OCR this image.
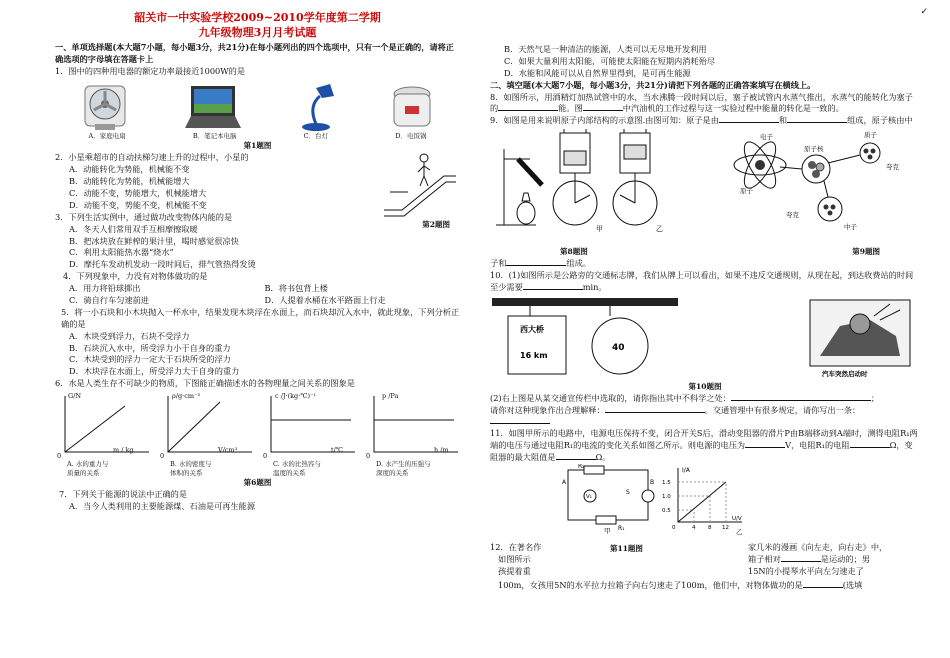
✓
韶关市一中实验学校2009~2010学年度第二学期
九年级物理3月月考试题
一、单项选择题(本大题7小题，每小题3分，共21分)在每小题列出的四个选项中，只有一个是正确的，请将正确选项的字母填在答题卡上
1．图中的四种用电器的额定功率最接近1000W的是
A．家庭电扇	B．笔记本电脑	C．台灯	D．电饭锅
第1题图
2．小星乘超市的自动扶梯匀速上升的过程中，小星的
A．动能转化为势能，机械能不变
B．动能转化为势能，机械能增大
C．动能不变，势能增大，机械能增大
D．动能不变，势能不变，机械能不变
第2题图
3．下列生活实例中，通过做功改变物体内能的是
A．冬天人们常用双手互相摩擦取暖
B．把冰块放在鲜榨的果汁里，喝时感觉很凉快
C．利用太阳能热水器“烧水”
D．摩托车发动机发动一段时间后，排气管热得发烫
4．下列现象中，力没有对物体做功的是
A．用力将铅球掷出	B．将书包背上楼
C．骑自行车匀速前进	D．人提着水桶在水平路面上行走
5．将一小石块和小木块抛入一杯水中，结果发现木块浮在水面上，而石块却沉入水中，就此现象，下列分析正确的是
A．木块受到浮力，石块不受浮力
B．石块沉入水中，所受浮力小于自身的重力
C．木块受到的浮力一定大于石块所受的浮力
D．木块浮在水面上，所受浮力大于自身的重力
6．水是人类生存不可缺少的物质，下图能正确描述水的各物理量之间关系的图象是
G/N
m / kg
0
A. 水的重力与
质量的关系
ρ/g·cm⁻³
V/cm³
0
B. 水的密度与
体积的关系
c /J·(kg·℃)⁻¹
t/℃
0
C. 水的比热容与
温度的关系
p /Pa
h /m
0
D. 水产生的压强与
深度的关系
第6题图
7．下列关于能源的说法中正确的是
A．当今人类利用的主要能源煤、石油是可再生能源
B．天然气是一种清洁的能源，人类可以无尽地开发利用
C．如果大量利用太阳能，可能使太阳能在短期内消耗殆尽
D．水能和风能可以从自然界里得到，是可再生能源
二、填空题(本大题7小题，每小题3分，共21分)请把下列各题的正确答案填写在横线上。
8．如图所示，用酒精灯加热试管中的水，当水沸腾一段时间以后，塞子被试管内水蒸气推出，水蒸气的能转化为塞子的	能。图	中汽油机的工作过程与这一实验过程中能量的转化是一致的。
9．如图是用来说明原子内部结构的示意图.由图可知：原子是由	和	组成，原子核由中
甲	乙
电子
原子核
夸克
质子
原子
夸克
中子
第8题图	第9题图
子和	组成。
10．(1)如图所示是公路旁的交通标志牌，我们从牌上可以看出，如果不违反交通规则，从现在起，到达收费站的时间至少需要	min。
西大桥
16 km
40
汽车突然启动时
第10题图
(2)右上图是从某交通宣传栏中选取的，请你指出其中不科学之处：	；
请你对这种现象作出合理解释：	。交通管理中有很多规定，请你写出一条：
11．如图甲所示的电路中，电源电压保持不变，闭合开关S后，滑动变阻器的滑片P由B端移动到A端时，测得电阻R₁两端的电压与通过电阻R₁的电流的变化关系如图乙所示。则电源的电压为	V，电阻R₁的电阻	Ω，变阻器的最大阻值是	Ω。
R₂
A	B
R₁
S
V₁
甲
I/A
1.5
1.0
0.5
0	4 8 12
U/V
乙
12．在著名作
如图所示
孩提着重
第11题图	家几米的漫画《向左走，向右走》中，
箱子相对	是运动的；男
15N的小提琴水平向左匀速走了
100m，女孩用5N的水平拉力拉箱子向右匀速走了100m，他们中，对物体做功的是	(选填
